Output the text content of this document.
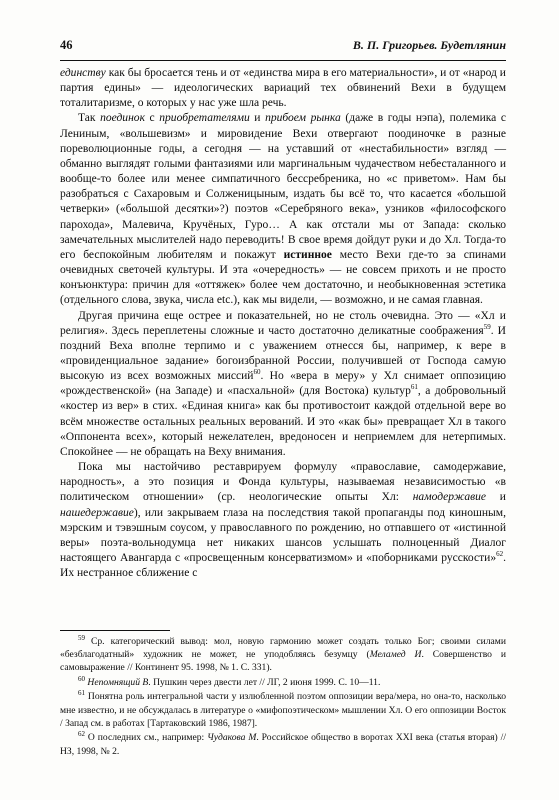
46	В. П. Григорьев. Будетлянин

единству как бы бросается тень и от «единства мира в его материальности», и от «народ и партия едины» — идеологических вариаций тех обвинений Вехи в будущем тоталитаризме, о которых у нас уже шла речь.

Так поединок с приобретателями и прибоем рынка (даже в годы нэпа), полемика с Лениным, «вольшевизм» и мировидение Вехи отвергают поодиночке в разные пореволюционные годы, а сегодня — на уставший от «нестабильности» взгляд — обманно выглядят голыми фантазиями или маргинальным чудачеством небесталанного и вообще-то более или менее симпатичного бессребреника, но «с приветом». Нам бы разобраться с Сахаровым и Солженицыным, издать бы всё то, что касается «большой четверки» («большой десятки»?) поэтов «Серебряного века», узников «философского парохода», Малевича, Кручёных, Гуро… А как отстали мы от Запада: сколько замечательных мыслителей надо переводить! В свое время дойдут руки и до Хл. Тогда-то его беспокойным любителям и покажут истинное место Вехи где-то за спинами очевидных светочей культуры. И эта «очередность» — не совсем прихоть и не просто конъюнктура: причин для «оттяжек» более чем достаточно, и необыкновенная эстетика (отдельного слова, звука, числа etc.), как мы видели, — возможно, и не самая главная.

Другая причина еще острее и показательней, но не столь очевидна. Это — «Хл и религия». Здесь переплетены сложные и часто достаточно деликатные соображения$^{59}$. И поздний Веха вполне терпимо и с уважением отнесся бы, например, к вере в «провиденциальное задание» богоизбранной России, получившей от Господа самую высокую из всех возможных миссий$^{60}$. Но «вера в меру» у Хл снимает оппозицию «рождественской» (на Западе) и «пасхальной» (для Востока) культур$^{61}$, а добровольный «костер из вер» в стих. «Единая книга» как бы противостоит каждой отдельной вере во всём множестве остальных реальных верований. И это «как бы» превращает Хл в такого «Оппонента всех», который нежелателен, вредоносен и неприемлем для нетерпимых. Спокойнее — не обращать на Веху внимания.

Пока мы настойчиво реставрируем формулу «православие, самодержавие, народность», а это позиция и Фонда культуры, называемая независимостью «в политическом отношении» (ср. неологические опыты Хл: намодержавие и нашедержавие), или закрываем глаза на последствия такой пропаганды под киношным, мэрским и тэвэшным соусом, у православного по рождению, но отпавшего от «истинной веры» поэта-вольнодумца нет никаких шансов услышать полноценный Диалог настоящего Авангарда с «просвещенным консерватизмом» и «поборниками русскости»$^{62}$. Их нестранное сближение с

$^{59}$ Ср. категорический вывод: мол, новую гармонию может создать только Бог; своими силами «безблагодатный» художник не может, не уподобляясь безумцу (Меламед И. Совершенство и самовыражение // Континент 95. 1998, № 1. С. 331).

$^{60}$ Непомнящий В. Пушкин через двести лет // ЛГ, 2 июня 1999. С. 10—11.

$^{61}$ Понятна роль интегральной части у излюбленной поэтом оппозиции вера/мера, но она-то, насколько мне известно, и не обсуждалась в литературе о «мифопоэтическом» мышлении Хл. О его оппозиции Восток / Запад см. в работах [Тартаковский 1986, 1987].

$^{62}$ О последних см., например: Чудакова М. Российское общество в воротах XXI века (статья вторая) // НЗ, 1998, № 2.
